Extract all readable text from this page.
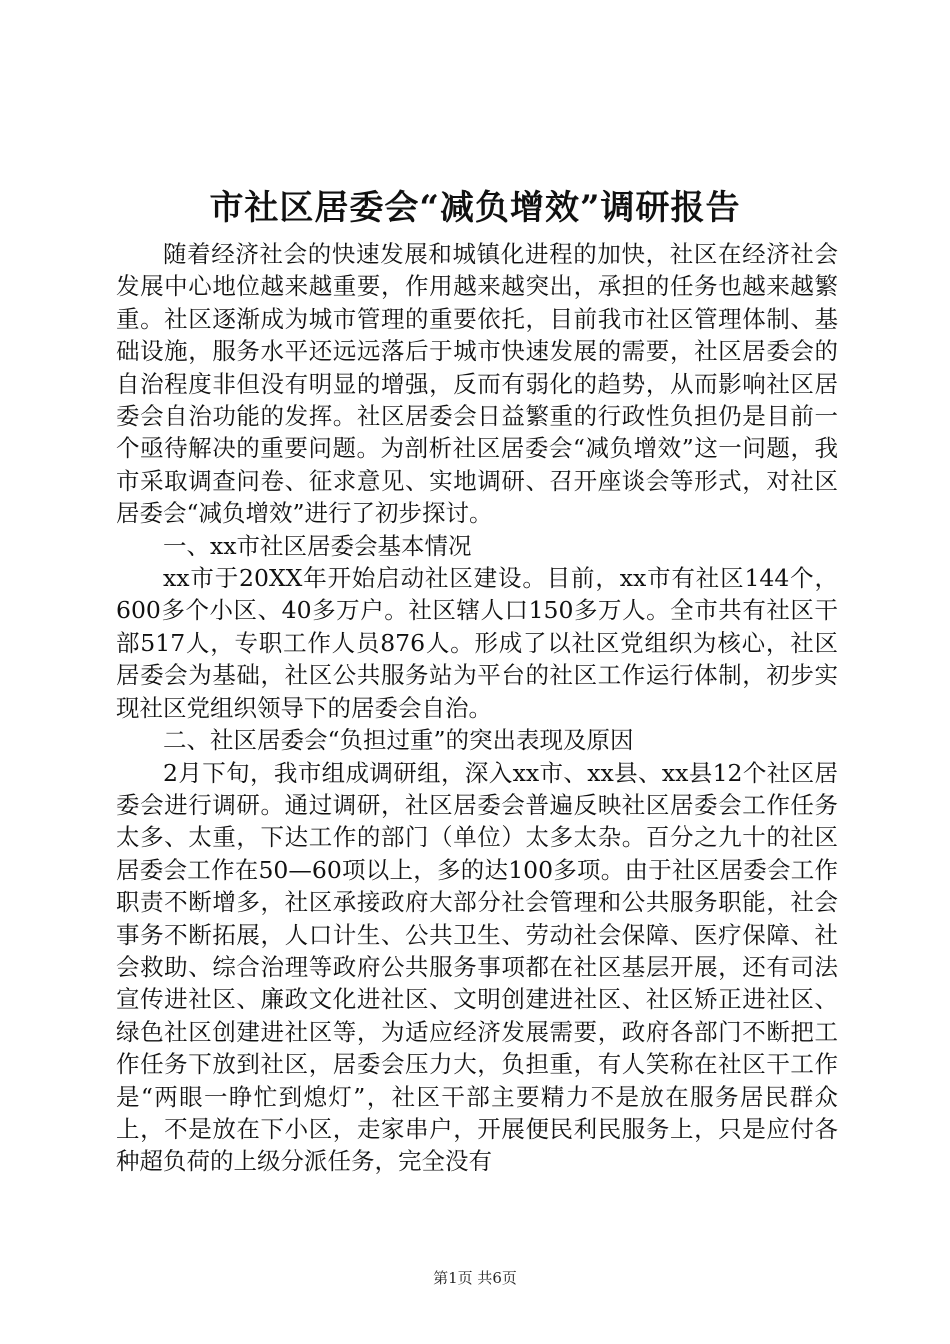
市社区居委会“减负增效”调研报告

随着经济社会的快速发展和城镇化进程的加快，社区在经济社会发展中心地位越来越重要，作用越来越突出，承担的任务也越来越繁重。社区逐渐成为城市管理的重要依托，目前我市社区管理体制、基础设施，服务水平还远远落后于城市快速发展的需要，社区居委会的自治程度非但没有明显的增强，反而有弱化的趋势，从而影响社区居委会自治功能的发挥。社区居委会日益繁重的行政性负担仍是目前一个亟待解决的重要问题。为剖析社区居委会“减负增效”这一问题，我市采取调查问卷、征求意见、实地调研、召开座谈会等形式，对社区居委会“减负增效”进行了初步探讨。

一、xx市社区居委会基本情况

xx市于20XX年开始启动社区建设。目前，xx市有社区144个，600多个小区、40多万户。社区辖人口150多万人。全市共有社区干部517人，专职工作人员876人。形成了以社区党组织为核心，社区居委会为基础，社区公共服务站为平台的社区工作运行体制，初步实现社区党组织领导下的居委会自治。

二、社区居委会“负担过重”的突出表现及原因

2月下旬，我市组成调研组，深入xx市、xx县、xx县12个社区居委会进行调研。通过调研，社区居委会普遍反映社区居委会工作任务太多、太重，下达工作的部门（单位）太多太杂。百分之九十的社区居委会工作在50—60项以上，多的达100多项。由于社区居委会工作职责不断增多，社区承接政府大部分社会管理和公共服务职能，社会事务不断拓展，人口计生、公共卫生、劳动社会保障、医疗保障、社会救助、综合治理等政府公共服务事项都在社区基层开展，还有司法宣传进社区、廉政文化进社区、文明创建进社区、社区矫正进社区、绿色社区创建进社区等，为适应经济发展需要，政府各部门不断把工作任务下放到社区，居委会压力大，负担重，有人笑称在社区干工作是“两眼一睁忙到熄灯”，社区干部主要精力不是放在服务居民群众上，不是放在下小区，走家串户，开展便民利民服务上，只是应付各种超负荷的上级分派任务，完全没有

第1页 共6页
